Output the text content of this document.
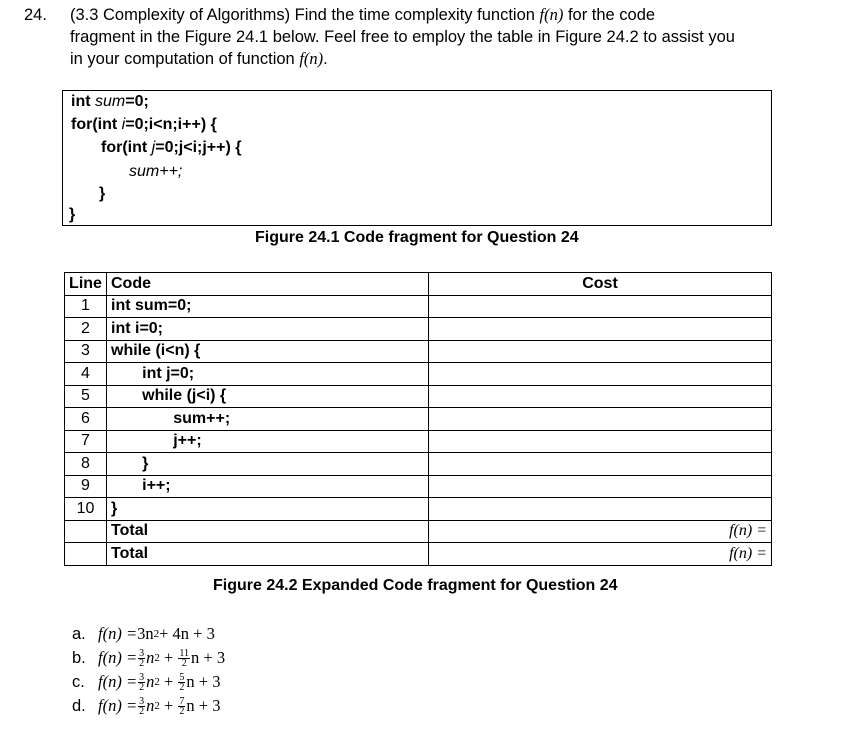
24. (3.3 Complexity of Algorithms) Find the time complexity function f(n) for the code
fragment in the Figure 24.1 below. Feel free to employ the table in Figure 24.2 to assist you
in your computation of function f(n).
int sum=0;
for(int i=0;i<n;i++) {
for(int j=0;j<i;j++) {
sum++;
}
}
Figure 24.1 Code fragment for Question 24
Line	Code	Cost
1	int sum=0;	
2	int i=0;	
3	while (i<n) {	
4	int j=0;	
5	while (j<i) {	
6	sum++;	
7	j++;	
8	}	
9	i++;	
10	}	
	Total	f(n) =
	Total	f(n) =
Figure 24.2 Expanded Code fragment for Question 24
a. f(n) = 3n 2 + 4n + 3
b. $f(n) = \frac{3}{2}$ n $2 + \frac{11}{2}$ n + 3
c. $f(n) = \frac{3}{2}$ n $2 + \frac{5}{2}$ n + 3
d. $f(n) = \frac{3}{2}$ n $2 + \frac{7}{2}$ n + 3
